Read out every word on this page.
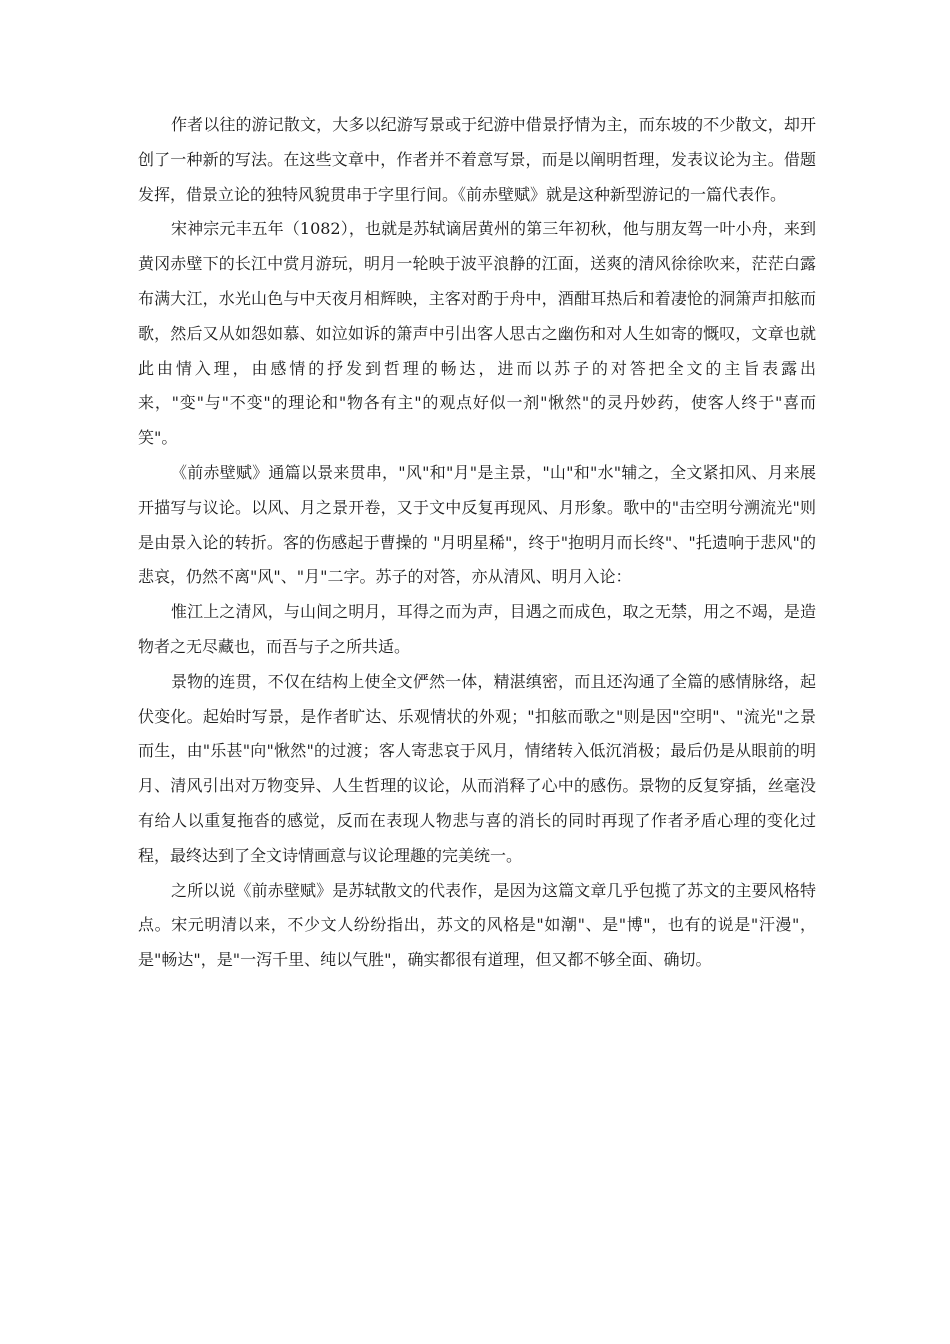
作者以往的游记散文，大多以纪游写景或于纪游中借景抒情为主，而东坡的不少散文，却开创了一种新的写法。在这些文章中，作者并不着意写景，而是以阐明哲理，发表议论为主。借题发挥，借景立论的独特风貌贯串于字里行间。《前赤壁赋》就是这种新型游记的一篇代表作。

宋神宗元丰五年（1082），也就是苏轼谪居黄州的第三年初秋，他与朋友驾一叶小舟，来到黄冈赤壁下的长江中赏月游玩，明月一轮映于波平浪静的江面，送爽的清风徐徐吹来，茫茫白露布满大江，水光山色与中天夜月相辉映，主客对酌于舟中，酒酣耳热后和着凄怆的洞箫声扣舷而歌，然后又从如怨如慕、如泣如诉的箫声中引出客人思古之幽伤和对人生如寄的慨叹，文章也就此由情入理，由感情的抒发到哲理的畅达，进而以苏子的对答把全文的主旨表露出来，"变"与"不变"的理论和"物各有主"的观点好似一剂"愀然"的灵丹妙药，使客人终于"喜而笑"。

《前赤壁赋》通篇以景来贯串，"风"和"月"是主景，"山"和"水"辅之，全文紧扣风、月来展开描写与议论。以风、月之景开卷，又于文中反复再现风、月形象。歌中的"击空明兮溯流光"则是由景入论的转折。客的伤感起于曹操的 "月明星稀"，终于"抱明月而长终"、"托遗响于悲风"的悲哀，仍然不离"风"、"月"二字。苏子的对答，亦从清风、明月入论：

惟江上之清风，与山间之明月，耳得之而为声，目遇之而成色，取之无禁，用之不竭，是造物者之无尽藏也，而吾与子之所共适。

景物的连贯，不仅在结构上使全文俨然一体，精湛缜密，而且还沟通了全篇的感情脉络，起伏变化。起始时写景，是作者旷达、乐观情状的外观；"扣舷而歌之"则是因"空明"、"流光"之景而生，由"乐甚"向"愀然"的过渡；客人寄悲哀于风月，情绪转入低沉消极；最后仍是从眼前的明月、清风引出对万物变异、人生哲理的议论，从而消释了心中的感伤。景物的反复穿插，丝毫没有给人以重复拖沓的感觉，反而在表现人物悲与喜的消长的同时再现了作者矛盾心理的变化过程，最终达到了全文诗情画意与议论理趣的完美统一。

之所以说《前赤壁赋》是苏轼散文的代表作，是因为这篇文章几乎包揽了苏文的主要风格特点。宋元明清以来，不少文人纷纷指出，苏文的风格是"如潮"、是"博"，也有的说是"汗漫"，是"畅达"，是"一泻千里、纯以气胜"，确实都很有道理，但又都不够全面、确切。
